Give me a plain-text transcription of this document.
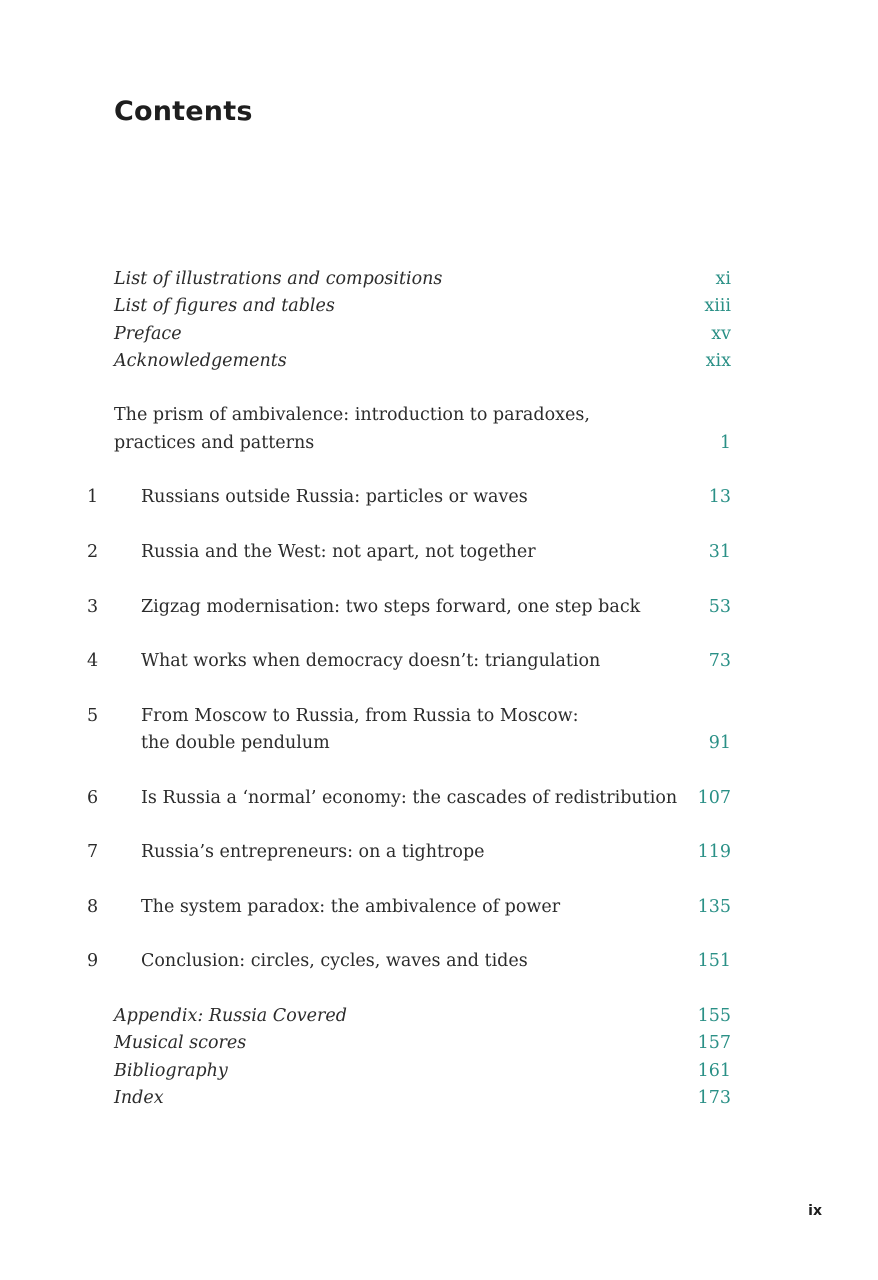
Contents
List of illustrations and compositions	xi
List of figures and tables	xiii
Preface	xv
Acknowledgements	xix
The prism of ambivalence: introduction to paradoxes, practices and patterns	1
1 Russians outside Russia: particles or waves	13
2 Russia and the West: not apart, not together	31
3 Zigzag modernisation: two steps forward, one step back	53
4 What works when democracy doesn’t: triangulation	73
5 From Moscow to Russia, from Russia to Moscow: the double pendulum	91
6 Is Russia a ‘normal’ economy: the cascades of redistribution	107
7 Russia’s entrepreneurs: on a tightrope	119
8 The system paradox: the ambivalence of power	135
9 Conclusion: circles, cycles, waves and tides	151
Appendix: Russia Covered	155
Musical scores	157
Bibliography	161
Index	173
ix
